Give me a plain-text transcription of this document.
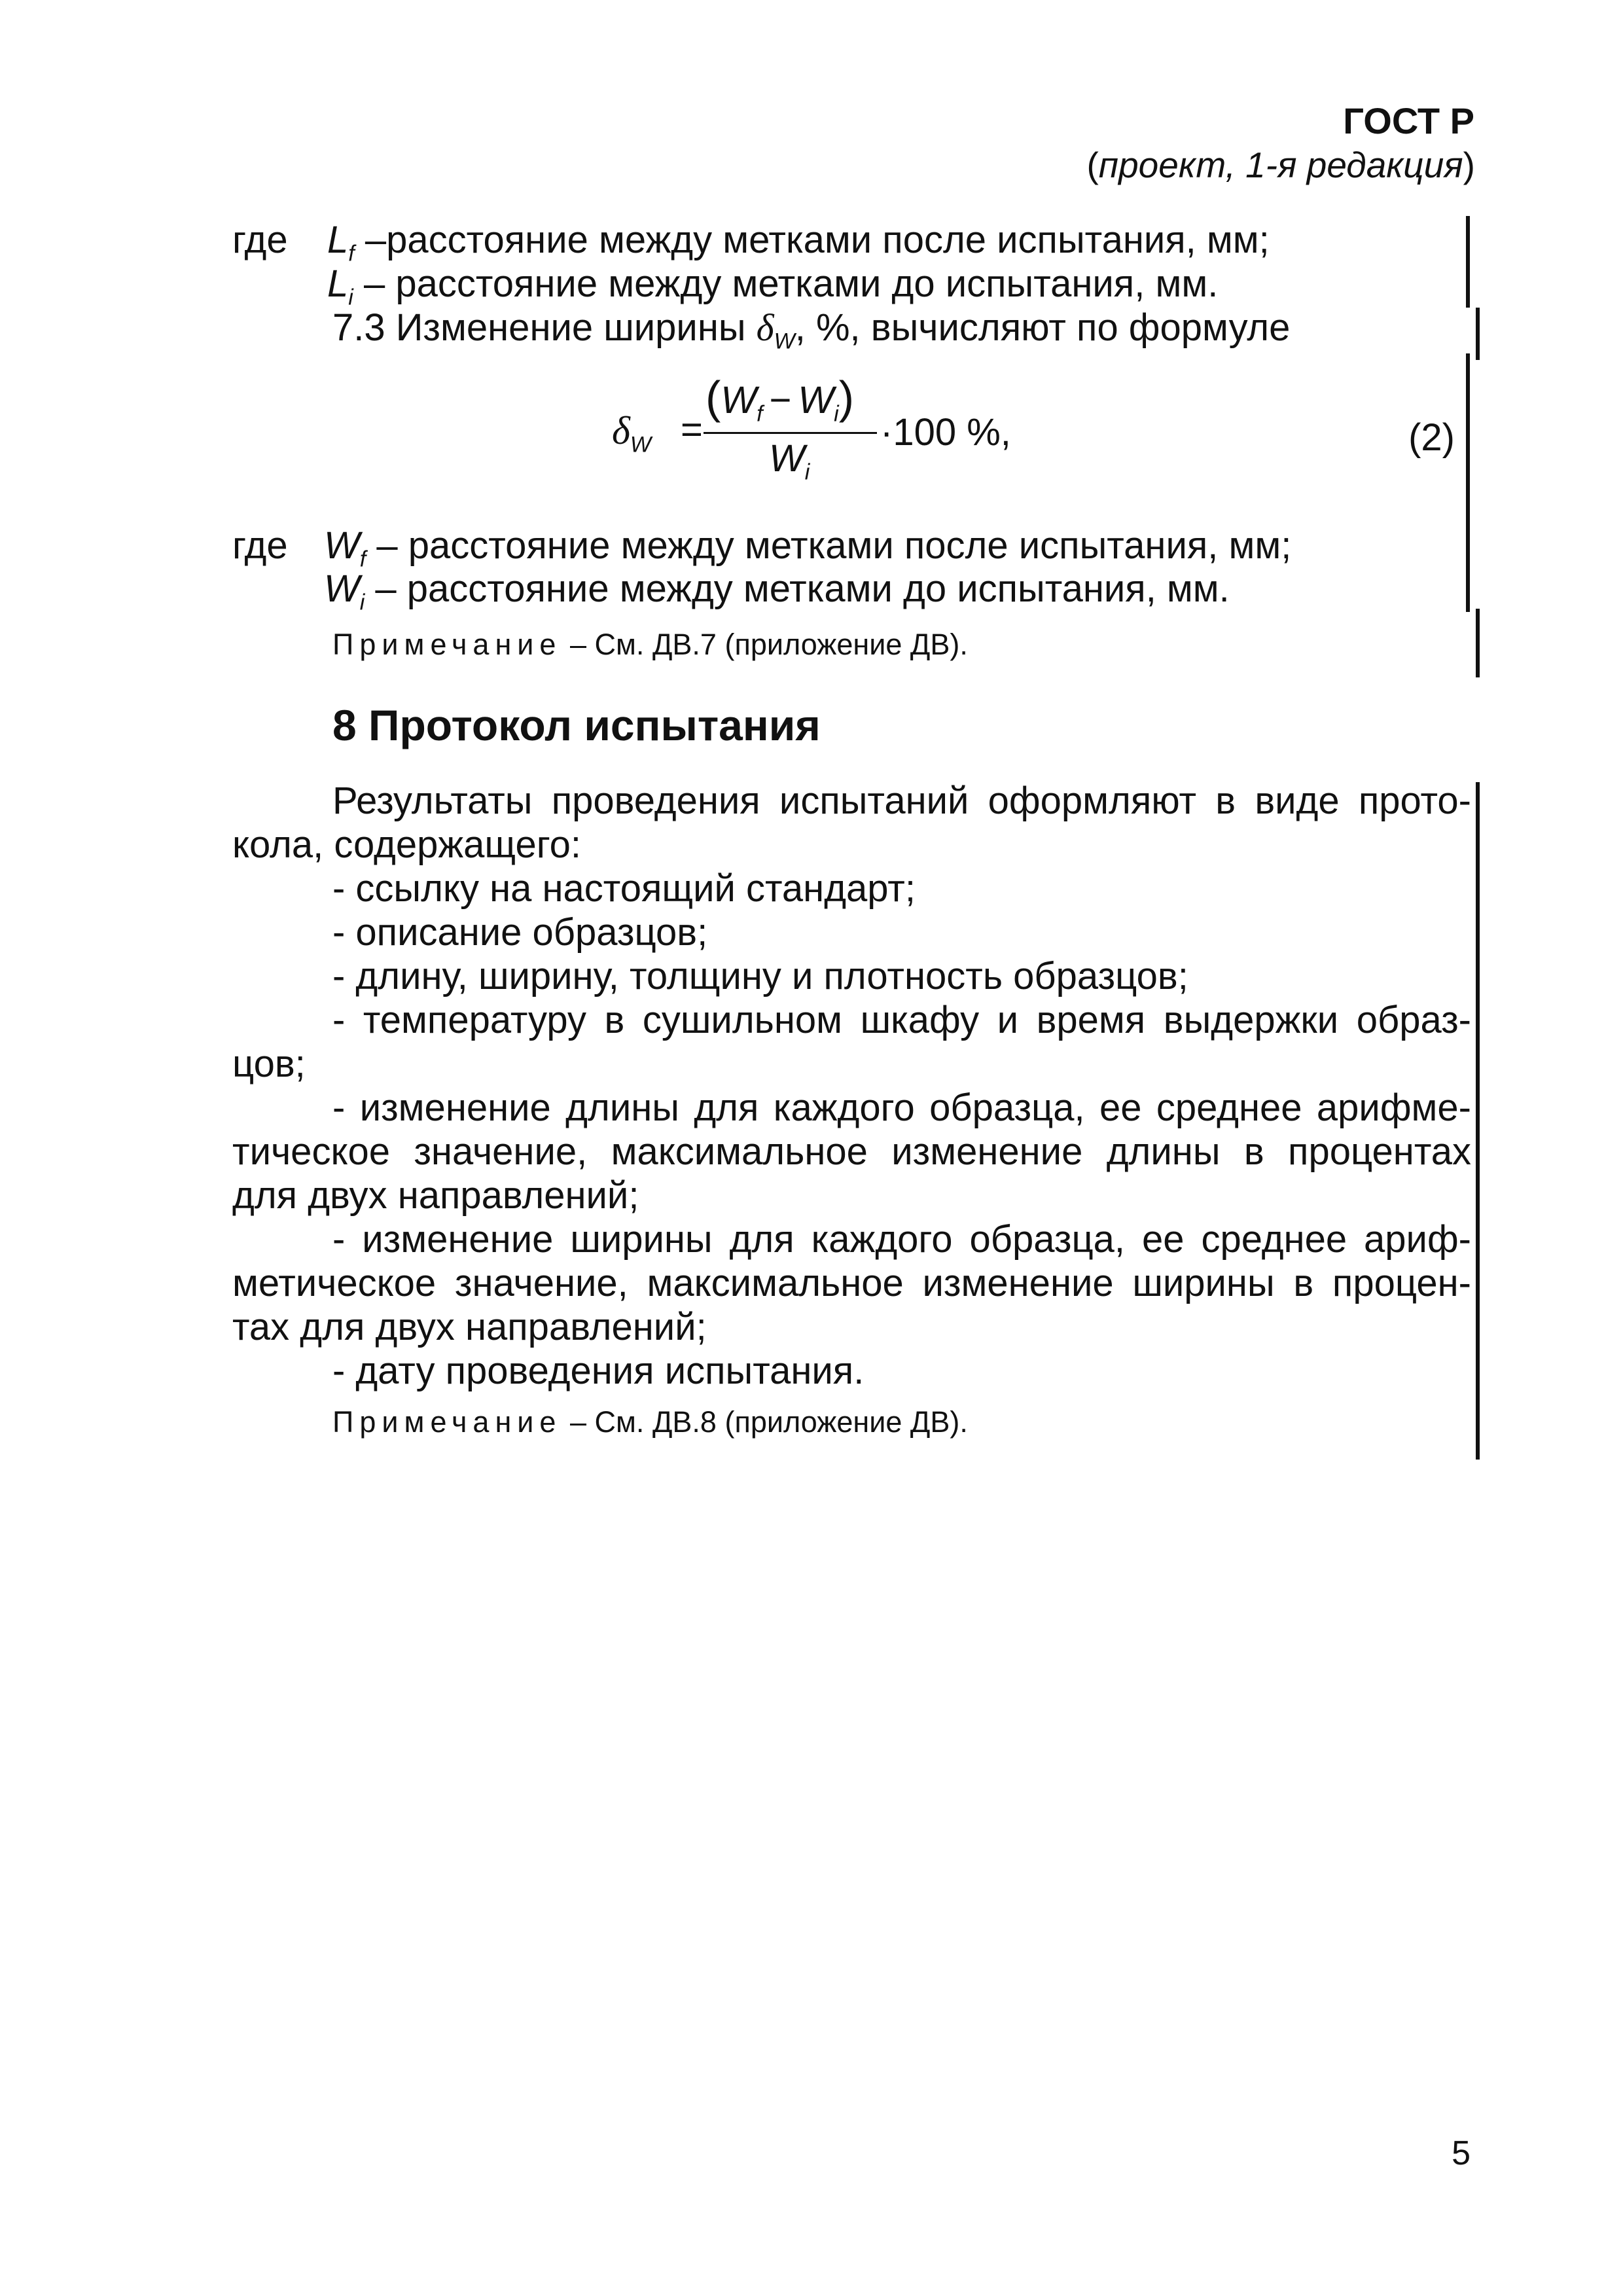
ГОСТ Р
(проект, 1-я редакция)
где $L_f$ –расстояние между метками после испытания, мм;
$L_i$ – расстояние между метками до испытания, мм.
7.3 Изменение ширины $\delta_W$, %, вычисляют по формуле
$\delta_W$ =
$(W_f - W_i)$
$W_i$
·100 %,	(2)
где $W_f$ – расстояние между метками после испытания, мм;
$W_i$ – расстояние между метками до испытания, мм.
Примечание – См. ДВ.7 (приложение ДВ).
8 Протокол испытания
Результаты проведения испытаний оформляют в виде прото-
кола, содержащего:
- ссылку на настоящий стандарт;
- описание образцов;
- длину, ширину, толщину и плотность образцов;
- температуру в сушильном шкафу и время выдержки образ-
цов;
- изменение длины для каждого образца, ее среднее арифме-
тическое значение, максимальное изменение длины в процентах
для двух направлений;
- изменение ширины для каждого образца, ее среднее ариф-
метическое значение, максимальное изменение ширины в процен-
тах для двух направлений;
- дату проведения испытания.
Примечание – См. ДВ.8 (приложение ДВ).
5
